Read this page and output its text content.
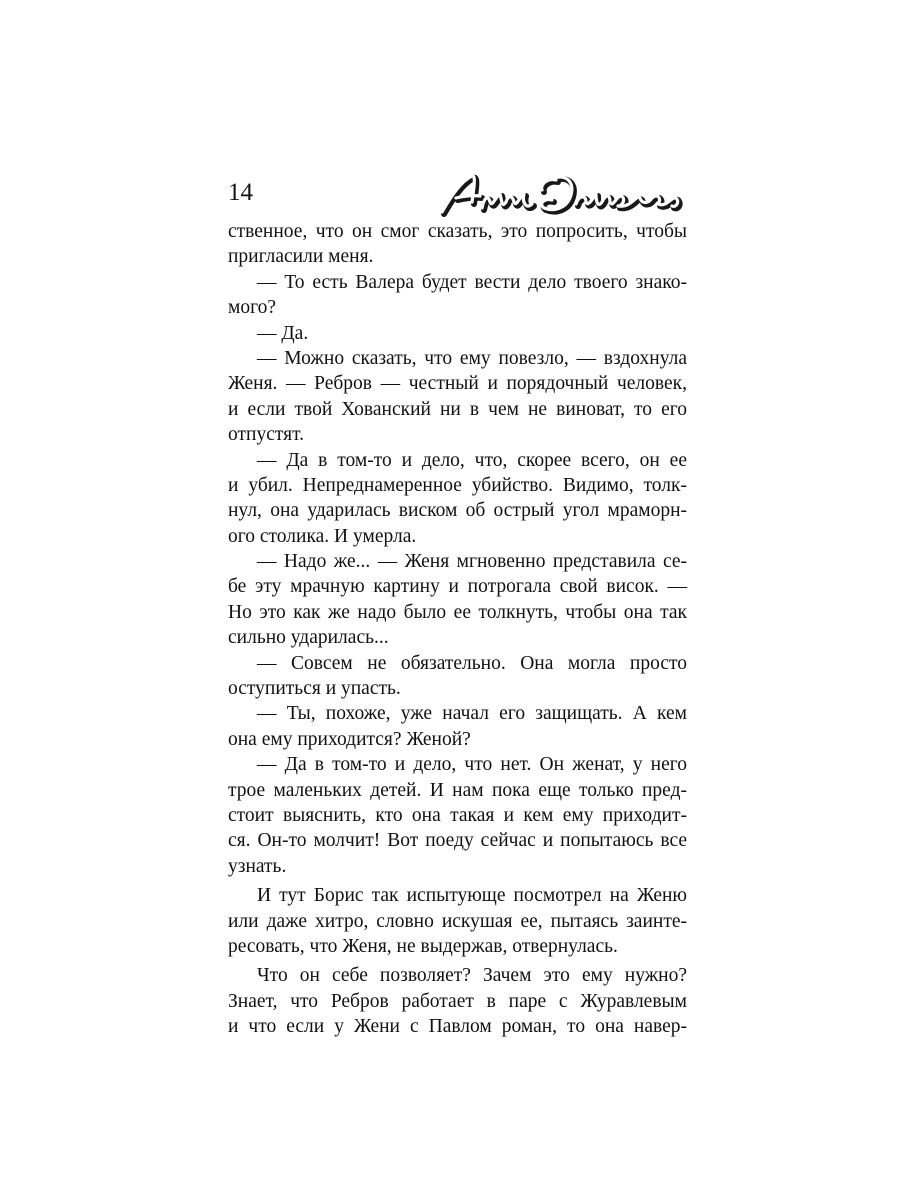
14
ственное, что он смог сказать, это попросить, чтобы
пригласили меня.
— То есть Валера будет вести дело твоего знако-
мого?
— Да.
— Можно сказать, что ему повезло, — вздохнула
Женя. — Ребров — честный и порядочный человек,
и если твой Хованский ни в чем не виноват, то его
отпустят.
— Да в том-то и дело, что, скорее всего, он ее
и убил. Непреднамеренное убийство. Видимо, толк-
нул, она ударилась виском об острый угол мраморн-
ого столика. И умерла.
— Надо же... — Женя мгновенно представила се-
бе эту мрачную картину и потрогала свой висок. —
Но это как же надо было ее толкнуть, чтобы она так
сильно ударилась...
— Совсем не обязательно. Она могла просто
оступиться и упасть.
— Ты, похоже, уже начал его защищать. А кем
она ему приходится? Женой?
— Да в том-то и дело, что нет. Он женат, у него
трое маленьких детей. И нам пока еще только пред-
стоит выяснить, кто она такая и кем ему приходит-
ся. Он-то молчит! Вот поеду сейчас и попытаюсь все
узнать.
И тут Борис так испытующе посмотрел на Женю
или даже хитро, словно искушая ее, пытаясь заинте-
ресовать, что Женя, не выдержав, отвернулась.
Что он себе позволяет? Зачем это ему нужно?
Знает, что Ребров работает в паре с Журавлевым
и что если у Жени с Павлом роман, то она навер-
